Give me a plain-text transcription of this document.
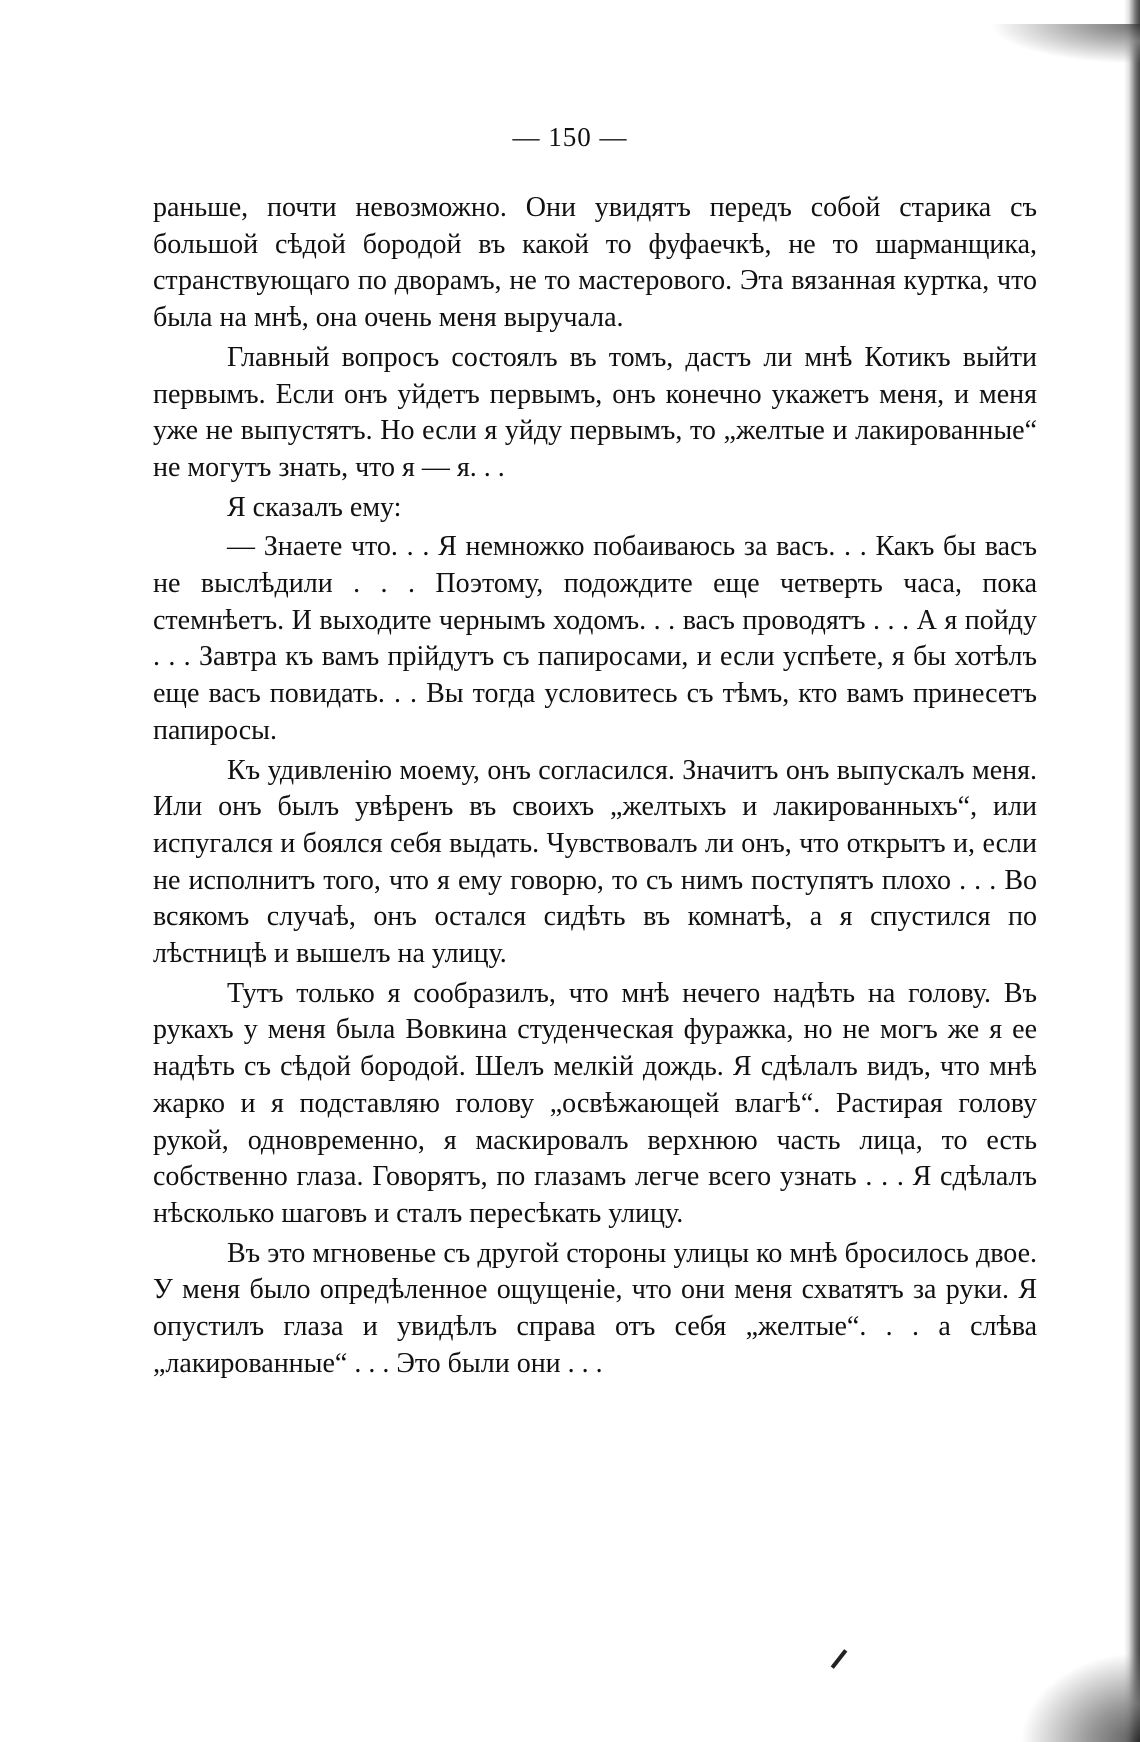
— 150 —

раньше, почти невозможно. Они увидятъ передъ собой старика съ большой сѣдой бородой въ какой то фуфаечкѣ, не то шарманщика, странствующаго по дворамъ, не то мастерового. Эта вязанная куртка, что была на мнѣ, она очень меня выручала.

Главный вопросъ состоялъ въ томъ, дастъ ли мнѣ Котикъ выйти первымъ. Если онъ уйдетъ первымъ, онъ конечно укажетъ меня, и меня уже не выпустятъ. Но если я уйду первымъ, то „желтые и лакированные“ не могутъ знать, что я — я. . .

Я сказалъ ему:

— Знаете что. . . Я немножко побаиваюсь за васъ. . . Какъ бы васъ не выслѣдили . . . Поэтому, подождите еще четверть часа, пока стемнѣетъ. И выходите чернымъ ходомъ. . . васъ проводятъ . . . А я пойду . . . Завтра къ вамъ прійдутъ съ папиросами, и если успѣете, я бы хотѣлъ еще васъ повидать. . . Вы тогда условитесь съ тѣмъ, кто вамъ принесетъ папиросы.

Къ удивленію моему, онъ согласился. Значитъ онъ выпускалъ меня. Или онъ былъ увѣренъ въ своихъ „желтыхъ и лакированныхъ“, или испугался и боялся себя выдать. Чувствовалъ ли онъ, что открытъ и, если не исполнитъ того, что я ему говорю, то съ нимъ поступятъ плохо . . . Во всякомъ случаѣ, онъ остался сидѣть въ комнатѣ, а я спустился по лѣстницѣ и вышелъ на улицу.

Тутъ только я сообразилъ, что мнѣ нечего надѣть на голову. Въ рукахъ у меня была Вовкина студенческая фуражка, но не могъ же я ее надѣть съ сѣдой бородой. Шелъ мелкій дождь. Я сдѣлалъ видъ, что мнѣ жарко и я подставляю голову „освѣжающей влагѣ“. Растирая голову рукой, одновременно, я маскировалъ верхнюю часть лица, то есть собственно глаза. Говорятъ, по глазамъ легче всего узнать . . . Я сдѣлалъ нѣсколько шаговъ и сталъ пересѣкать улицу.

Въ это мгновенье съ другой стороны улицы ко мнѣ бросилось двое. У меня было опредѣленное ощущеніе, что они меня схватятъ за руки. Я опустилъ глаза и увидѣлъ справа отъ себя „желтые“. . . а слѣва „лакированные“ . . . Это были они . . .
